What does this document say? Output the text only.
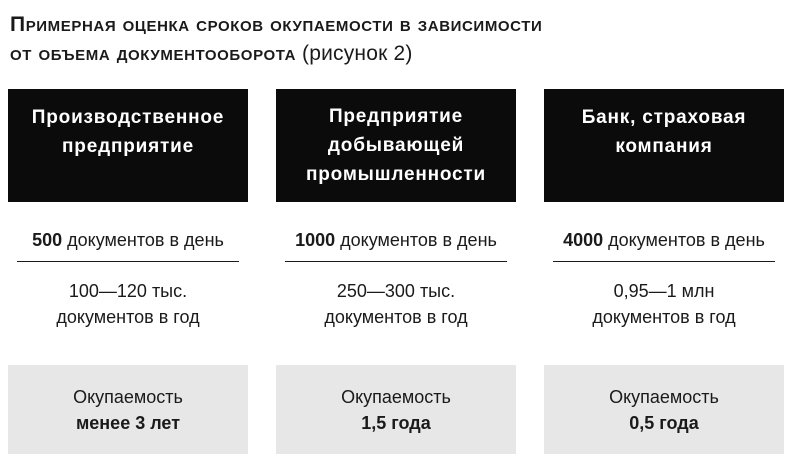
Примерная оценка сроков окупаемости в зависимости
от объема документооборота (рисунок 2)
Производственное
предприятие
500 документов в день
100—120 тыс.
документов в год
Окупаемость
менее 3 лет
Предприятие
добывающей
промышленности
1000 документов в день
250—300 тыс.
документов в год
Окупаемость
1,5 года
Банк, страховая
компания
4000 документов в день
0,95—1 млн
документов в год
Окупаемость
0,5 года
